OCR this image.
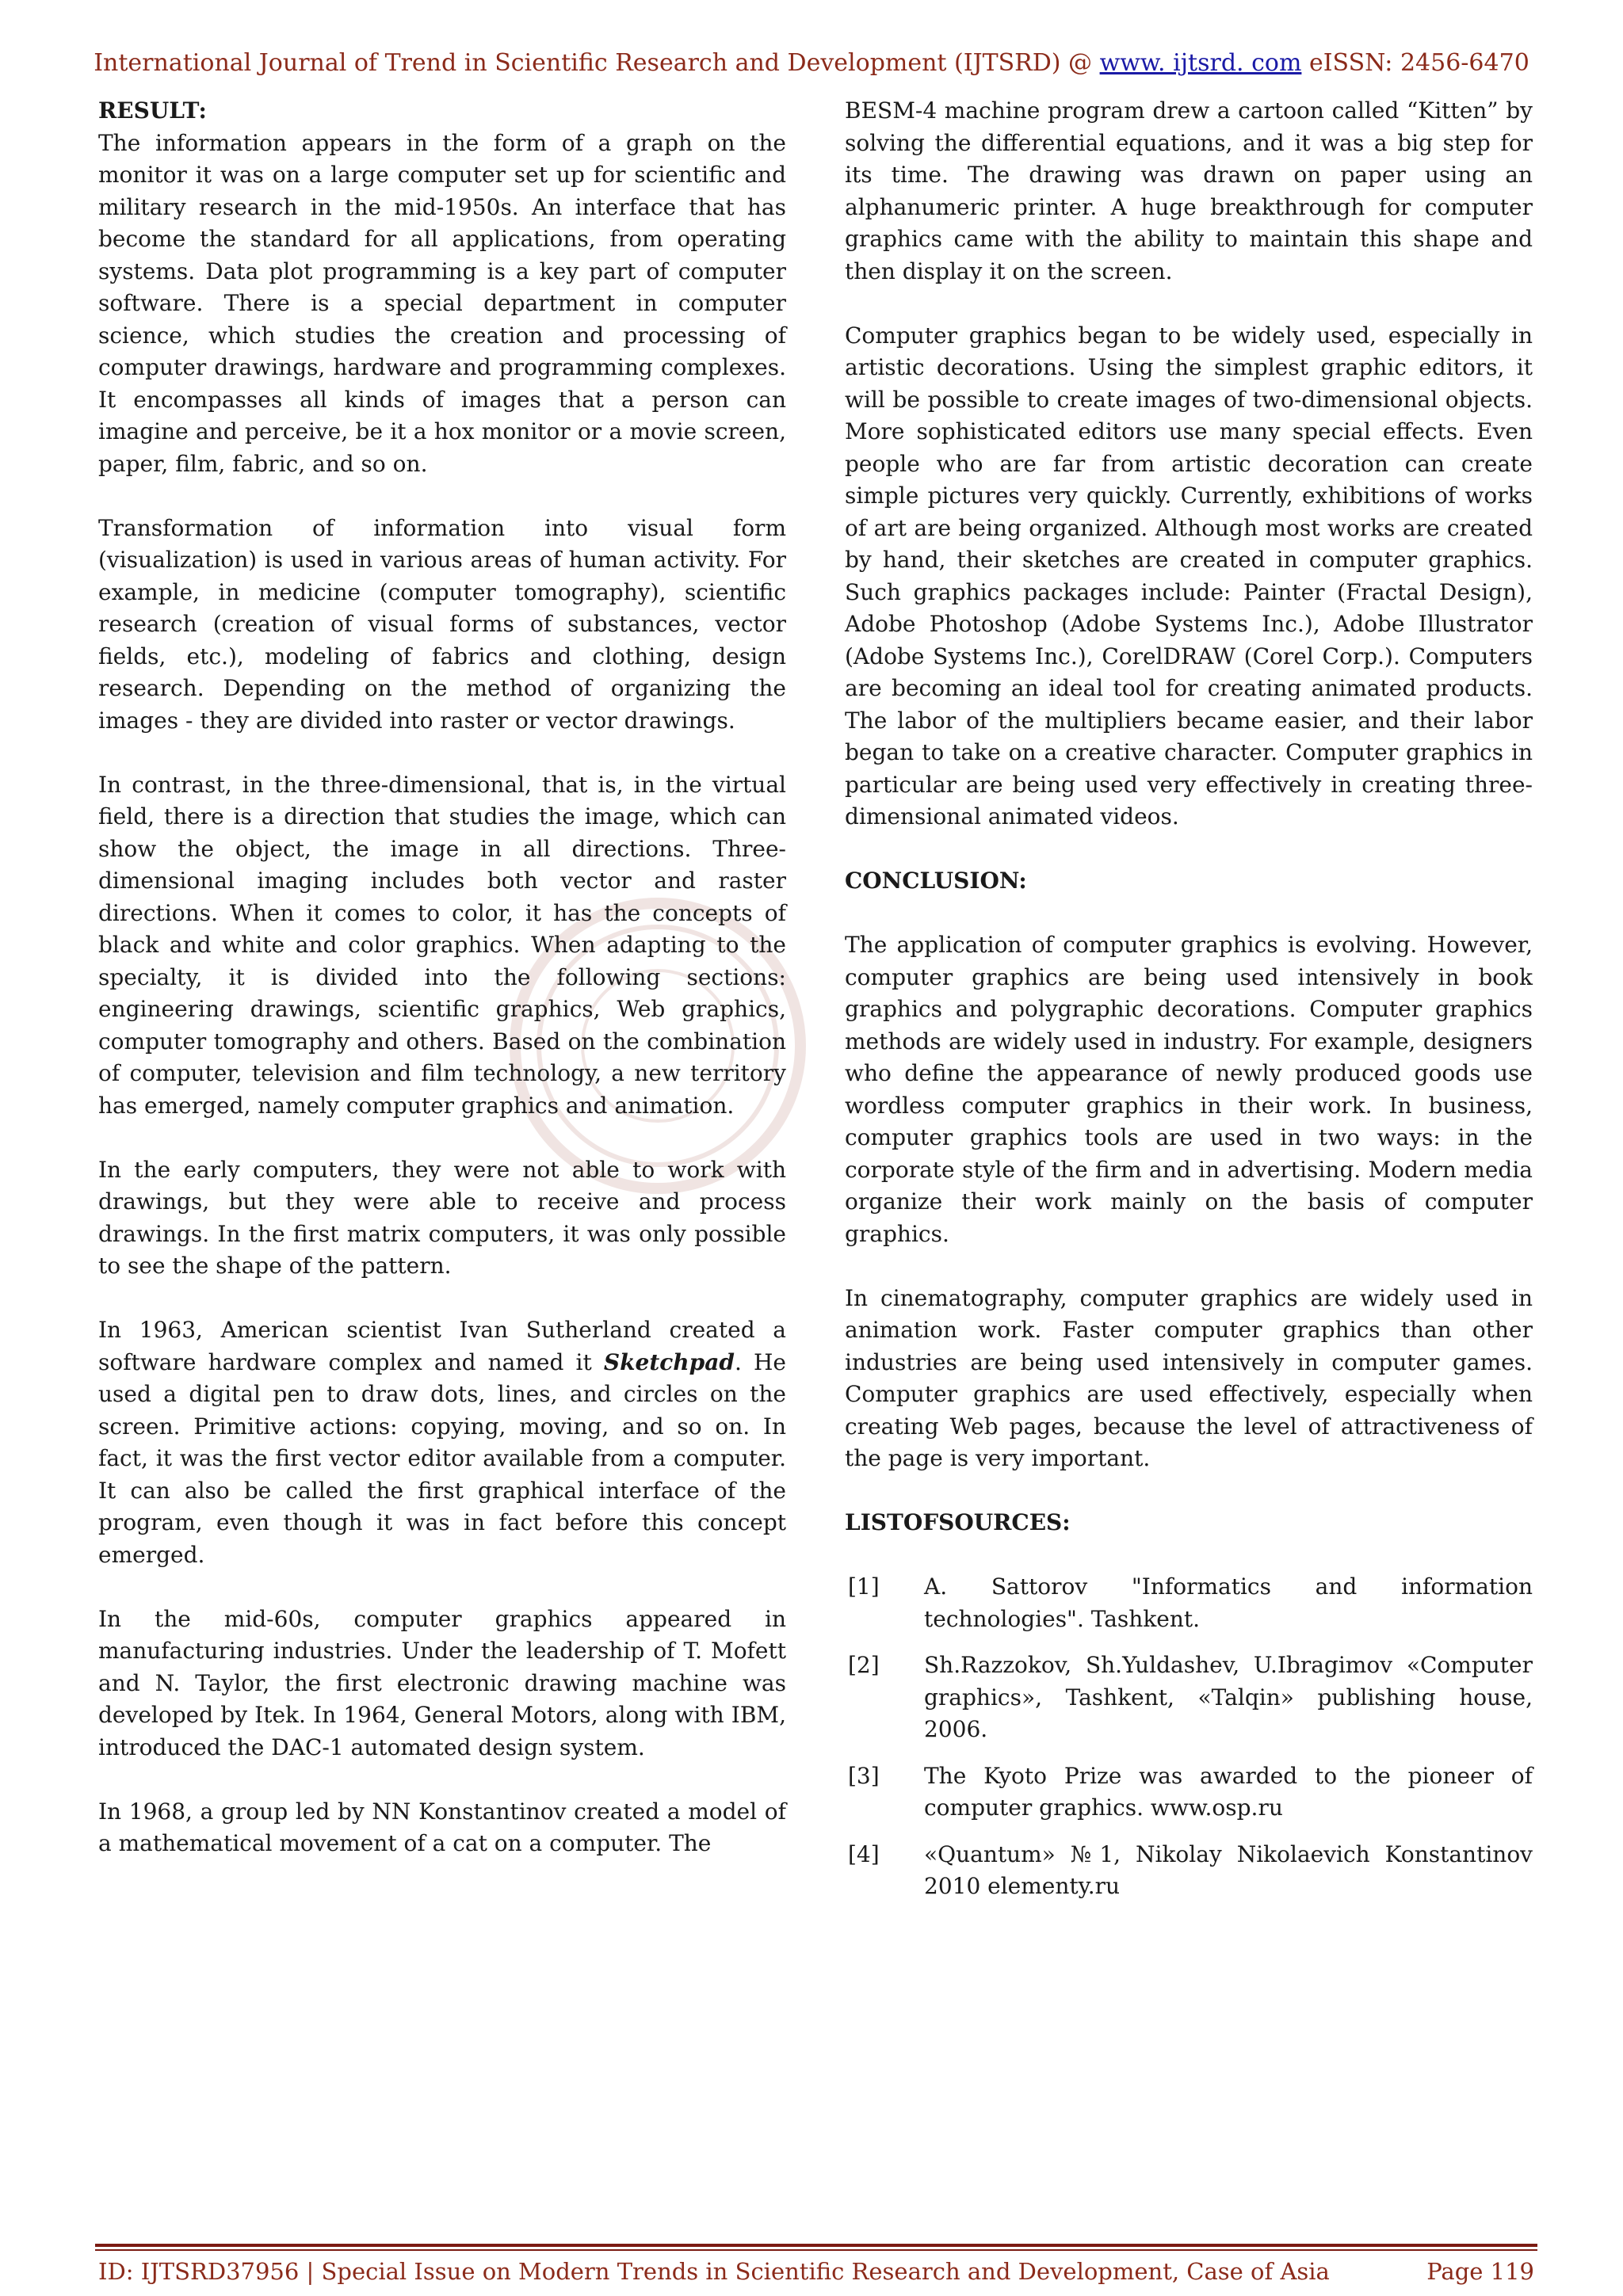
International Journal of Trend in Scientific Research and Development (IJTSRD) @ www. ijtsrd. com eISSN: 2456-6470

RESULT:

The information appears in the form of a graph on the monitor it was on a large computer set up for scientific and military research in the mid-1950s. An interface that has become the standard for all applications, from operating systems. Data plot programming is a key part of computer software. There is a special department in computer science, which studies the creation and processing of computer drawings, hardware and programming complexes. It encompasses all kinds of images that a person can imagine and perceive, be it a hox monitor or a movie screen, paper, film, fabric, and so on.

Transformation of information into visual form (visualization) is used in various areas of human activity. For example, in medicine (computer tomography), scientific research (creation of visual forms of substances, vector fields, etc.), modeling of fabrics and clothing, design research. Depending on the method of organizing the images - they are divided into raster or vector drawings.

In contrast, in the three-dimensional, that is, in the virtual field, there is a direction that studies the image, which can show the object, the image in all directions. Three-dimensional imaging includes both vector and raster directions. When it comes to color, it has the concepts of black and white and color graphics. When adapting to the specialty, it is divided into the following sections: engineering drawings, scientific graphics, Web graphics, computer tomography and others. Based on the combination of computer, television and film technology, a new territory has emerged, namely computer graphics and animation.

In the early computers, they were not able to work with drawings, but they were able to receive and process drawings. In the first matrix computers, it was only possible to see the shape of the pattern.

In 1963, American scientist Ivan Sutherland created a software hardware complex and named it Sketchpad. He used a digital pen to draw dots, lines, and circles on the screen. Primitive actions: copying, moving, and so on. In fact, it was the first vector editor available from a computer. It can also be called the first graphical interface of the program, even though it was in fact before this concept emerged.

In the mid-60s, computer graphics appeared in manufacturing industries. Under the leadership of T. Mofett and N. Taylor, the first electronic drawing machine was developed by Itek. In 1964, General Motors, along with IBM, introduced the DAC-1 automated design system.

In 1968, a group led by NN Konstantinov created a model of a mathematical movement of a cat on a computer. The

BESM-4 machine program drew a cartoon called “Kitten” by solving the differential equations, and it was a big step for its time. The drawing was drawn on paper using an alphanumeric printer. A huge breakthrough for computer graphics came with the ability to maintain this shape and then display it on the screen.

Computer graphics began to be widely used, especially in artistic decorations. Using the simplest graphic editors, it will be possible to create images of two-dimensional objects. More sophisticated editors use many special effects. Even people who are far from artistic decoration can create simple pictures very quickly. Currently, exhibitions of works of art are being organized. Although most works are created by hand, their sketches are created in computer graphics. Such graphics packages include: Painter (Fractal Design), Adobe Photoshop (Adobe Systems Inc.), Adobe Illustrator (Adobe Systems Inc.), CorelDRAW (Corel Corp.). Computers are becoming an ideal tool for creating animated products. The labor of the multipliers became easier, and their labor began to take on a creative character. Computer graphics in particular are being used very effectively in creating three-dimensional animated videos.

CONCLUSION:

The application of computer graphics is evolving. However, computer graphics are being used intensively in book graphics and polygraphic decorations. Computer graphics methods are widely used in industry. For example, designers who define the appearance of newly produced goods use wordless computer graphics in their work. In business, computer graphics tools are used in two ways: in the corporate style of the firm and in advertising. Modern media organize their work mainly on the basis of computer graphics.

In cinematography, computer graphics are widely used in animation work. Faster computer graphics than other industries are being used intensively in computer games. Computer graphics are used effectively, especially when creating Web pages, because the level of attractiveness of the page is very important.

LISTOFSOURCES:

[1]	A. Sattorov "Informatics and information technologies". Tashkent.
[2]	Sh.Razzokov, Sh.Yuldashev, U.Ibragimov «Computer graphics», Tashkent, «Talqin» publishing house, 2006.
[3]	The Kyoto Prize was awarded to the pioneer of computer graphics. www.osp.ru
[4]	«Quantum» №1, Nikolay Nikolaevich Konstantinov 2010 elementy.ru
ID: IJTSRD37956 | Special Issue on Modern Trends in Scientific Research and Development, Case of Asia	Page 119
